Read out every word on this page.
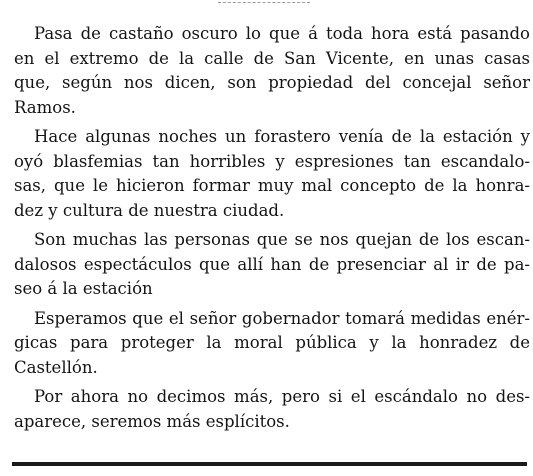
Pasa de castaño oscuro lo que á toda hora está pasando
en el extremo de la calle de San Vicente, en unas casas
que, según nos dicen, son propiedad del concejal señor
Ramos.
Hace algunas noches un forastero venía de la estación y
oyó blasfemias tan horribles y espresiones tan escandalo-
sas, que le hicieron formar muy mal concepto de la honra-
dez y cultura de nuestra ciudad.
Son muchas las personas que se nos quejan de los escan-
dalosos espectáculos que allí han de presenciar al ir de pa-
seo á la estación
Esperamos que el señor gobernador tomará medidas enér-
gicas para proteger la moral pública y la honradez de
Castellón.
Por ahora no decimos más, pero si el escándalo no des-
aparece, seremos más esplícitos.
